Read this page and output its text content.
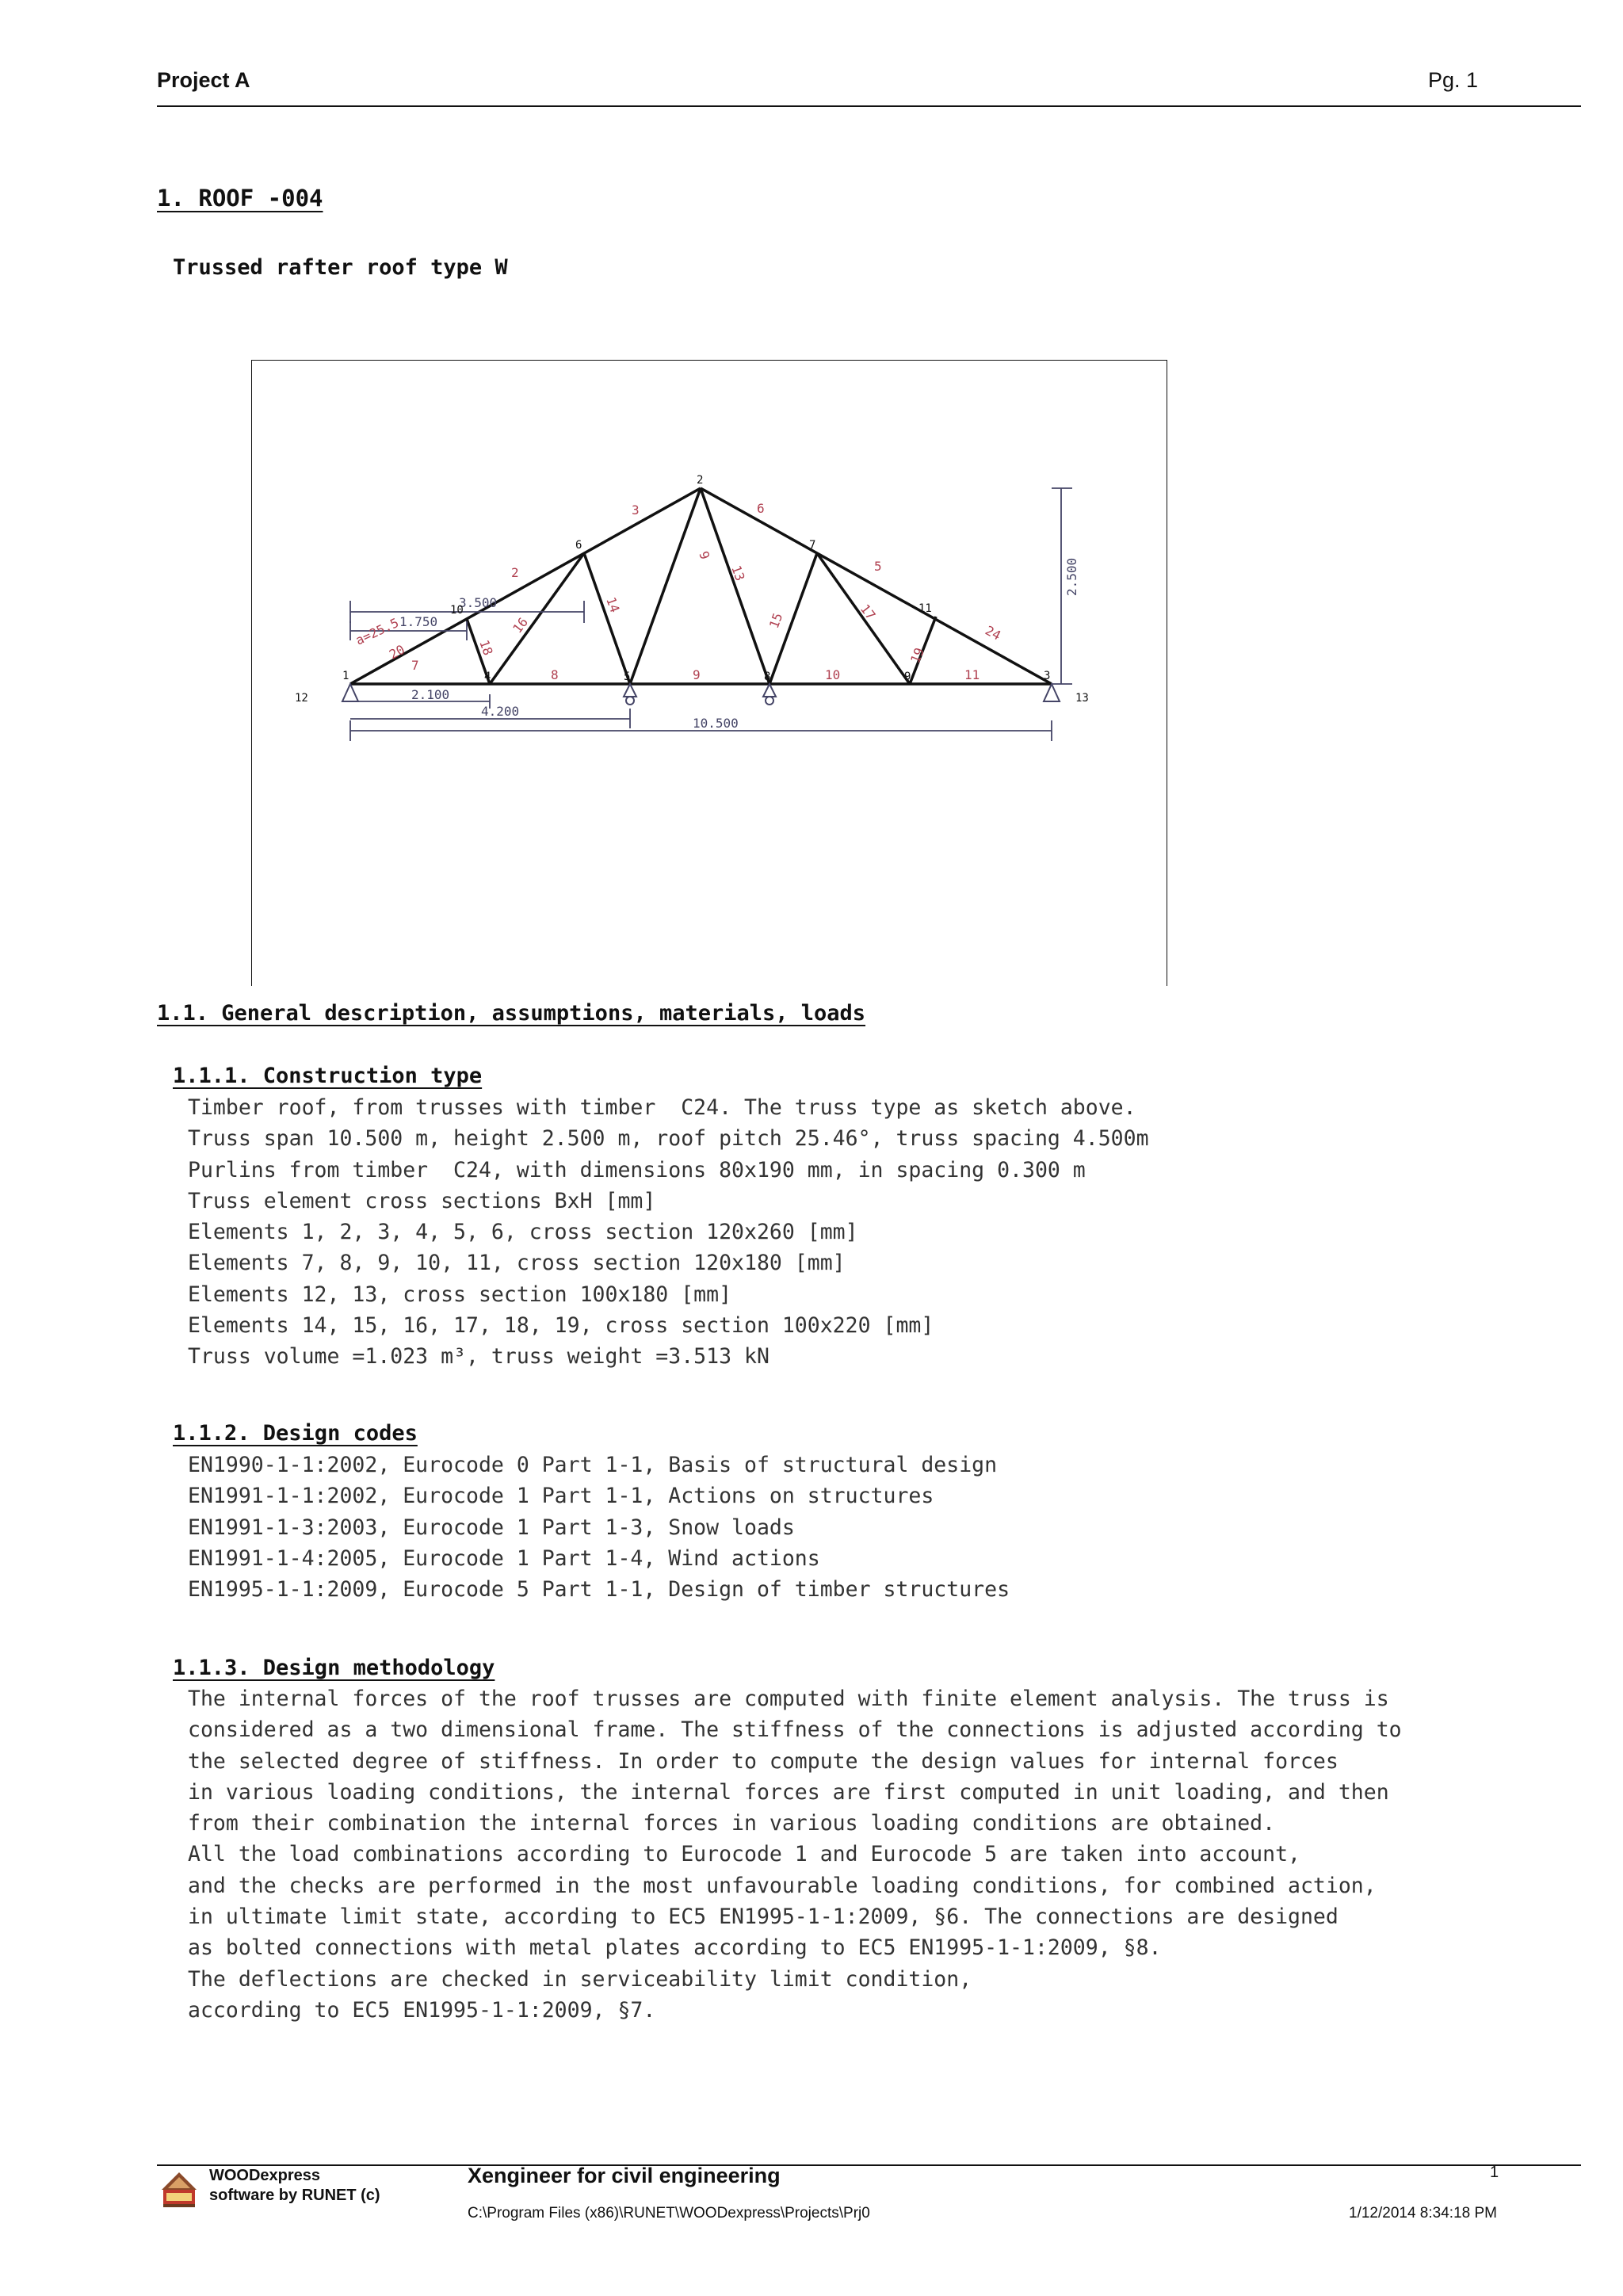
Project A	Pg. 1
1. ROOF -004
Trussed rafter roof type W
3.500
1.750
2.100
4.200
10.500
2.500
a=25.5
1
2
3
4	5
6	7
8	9
10	11
12	13
2
3
5
6
7
8	9	10	11
13
14
15
16
17
18	19
20
24
9
1.1. General description, assumptions, materials, loads
1.1.1. Construction type
Timber roof, from trusses with timber  C24. The truss type as sketch above.
Truss span 10.500 m, height 2.500 m, roof pitch 25.46°, truss spacing 4.500m
Purlins from timber  C24, with dimensions 80x190 mm, in spacing 0.300 m
Truss element cross sections BxH [mm]
Elements 1, 2, 3, 4, 5, 6, cross section 120x260 [mm]
Elements 7, 8, 9, 10, 11, cross section 120x180 [mm]
Elements 12, 13, cross section 100x180 [mm]
Elements 14, 15, 16, 17, 18, 19, cross section 100x220 [mm]
Truss volume =1.023 m³, truss weight =3.513 kN
1.1.2. Design codes
EN1990-1-1:2002, Eurocode 0 Part 1-1, Basis of structural design
EN1991-1-1:2002, Eurocode 1 Part 1-1, Actions on structures
EN1991-1-3:2003, Eurocode 1 Part 1-3, Snow loads
EN1991-1-4:2005, Eurocode 1 Part 1-4, Wind actions
EN1995-1-1:2009, Eurocode 5 Part 1-1, Design of timber structures
1.1.3. Design methodology
The internal forces of the roof trusses are computed with finite element analysis. The truss is
considered as a two dimensional frame. The stiffness of the connections is adjusted according to
the selected degree of stiffness. In order to compute the design values for internal forces
in various loading conditions, the internal forces are first computed in unit loading, and then
from their combination the internal forces in various loading conditions are obtained.
All the load combinations according to Eurocode 1 and Eurocode 5 are taken into account,
and the checks are performed in the most unfavourable loading conditions, for combined action,
in ultimate limit state, according to EC5 EN1995-1-1:2009, §6. The connections are designed
as bolted connections with metal plates according to EC5 EN1995-1-1:2009, §8.
The deflections are checked in serviceability limit condition,
according to EC5 EN1995-1-1:2009, §7.
WOODexpress
software by RUNET (c)
Xengineer for civil engineering
C:\Program Files (x86)\RUNET\WOODexpress\Projects\Prj0
1
1/12/2014 8:34:18 PM
